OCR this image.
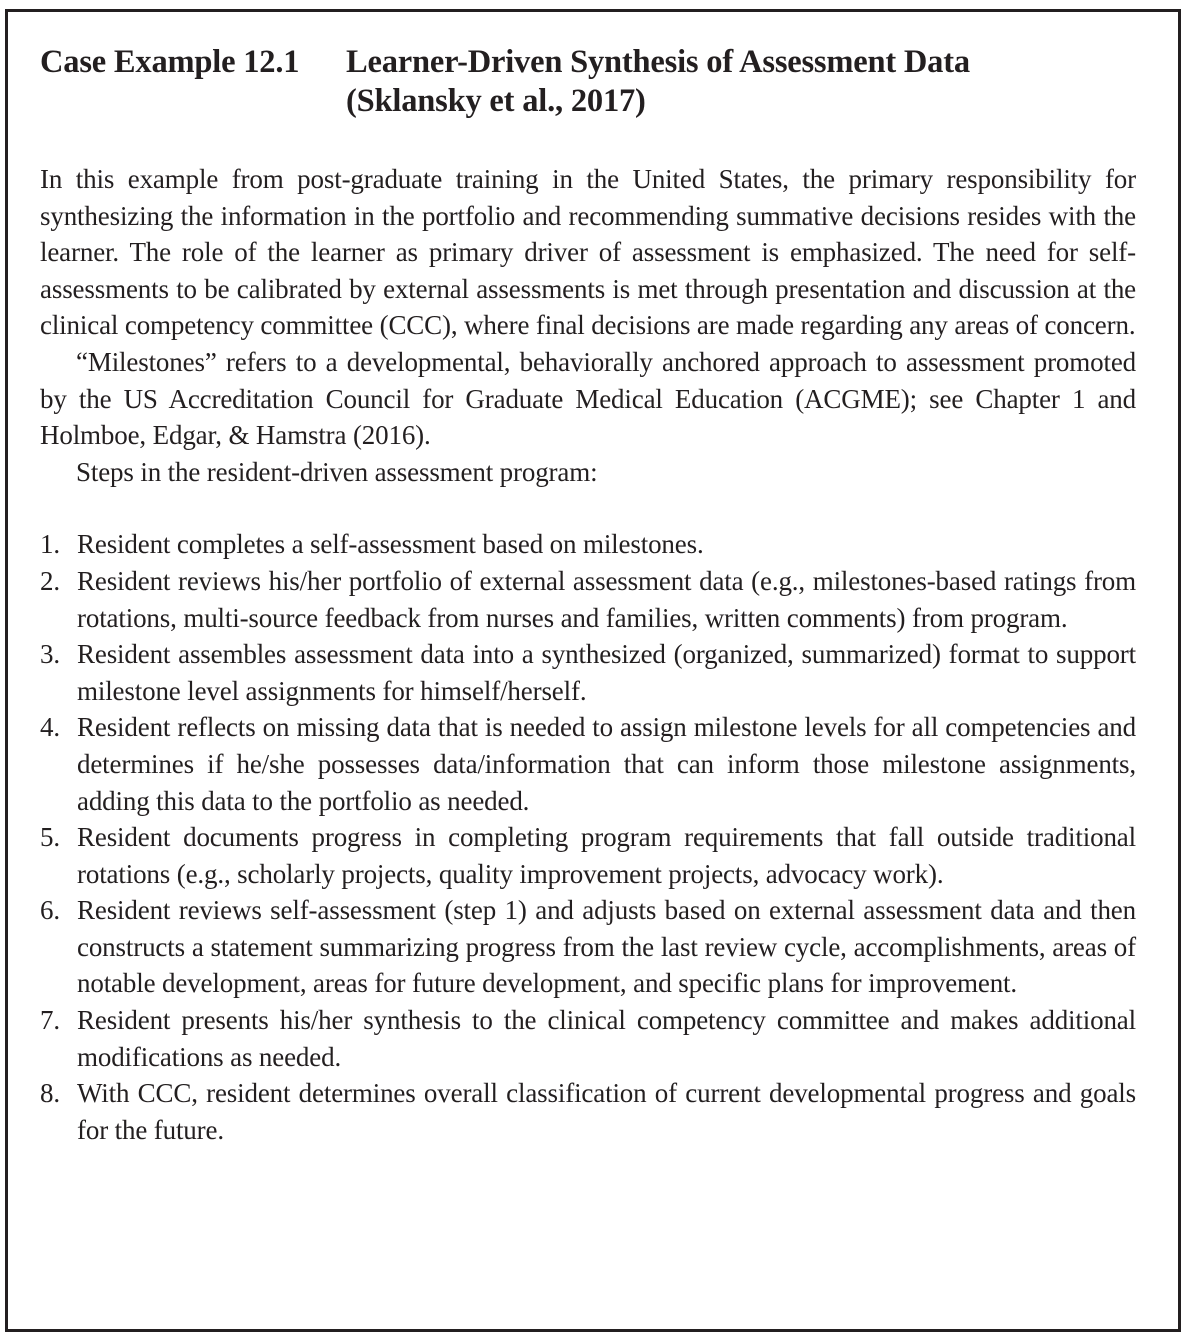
Case Example 12.1	Learner-Driven Synthesis of Assessment Data
(Sklansky et al., 2017)

In this example from post-graduate training in the United States, the primary responsibility for synthesizing the information in the portfolio and recommending summative decisions resides with the learner. The role of the learner as primary driver of assessment is emphasized. The need for self-assessments to be calibrated by external assessments is met through presentation and discussion at the clinical competency committee (CCC), where final decisions are made regarding any areas of concern.

“Milestones” refers to a developmental, behaviorally anchored approach to assessment promoted by the US Accreditation Council for Graduate Medical Education (ACGME); see Chapter 1 and Holmboe, Edgar, & Hamstra (2016).

Steps in the resident-driven assessment program:

1. Resident completes a self-assessment based on milestones.
2. Resident reviews his/her portfolio of external assessment data (e.g., milestones-based ratings from rotations, multi-source feedback from nurses and families, written comments) from program.
3. Resident assembles assessment data into a synthesized (organized, summarized) format to support milestone level assignments for himself/herself.
4. Resident reflects on missing data that is needed to assign milestone levels for all competencies and determines if he/she possesses data/information that can inform those milestone assignments, adding this data to the portfolio as needed.
5. Resident documents progress in completing program requirements that fall outside traditional rotations (e.g., scholarly projects, quality improvement projects, advocacy work).
6. Resident reviews self-assessment (step 1) and adjusts based on external assessment data and then constructs a statement summarizing progress from the last review cycle, accomplishments, areas of notable development, areas for future development, and specific plans for improvement.
7. Resident presents his/her synthesis to the clinical competency committee and makes additional modifications as needed.
8. With CCC, resident determines overall classification of current developmental progress and goals for the future.
